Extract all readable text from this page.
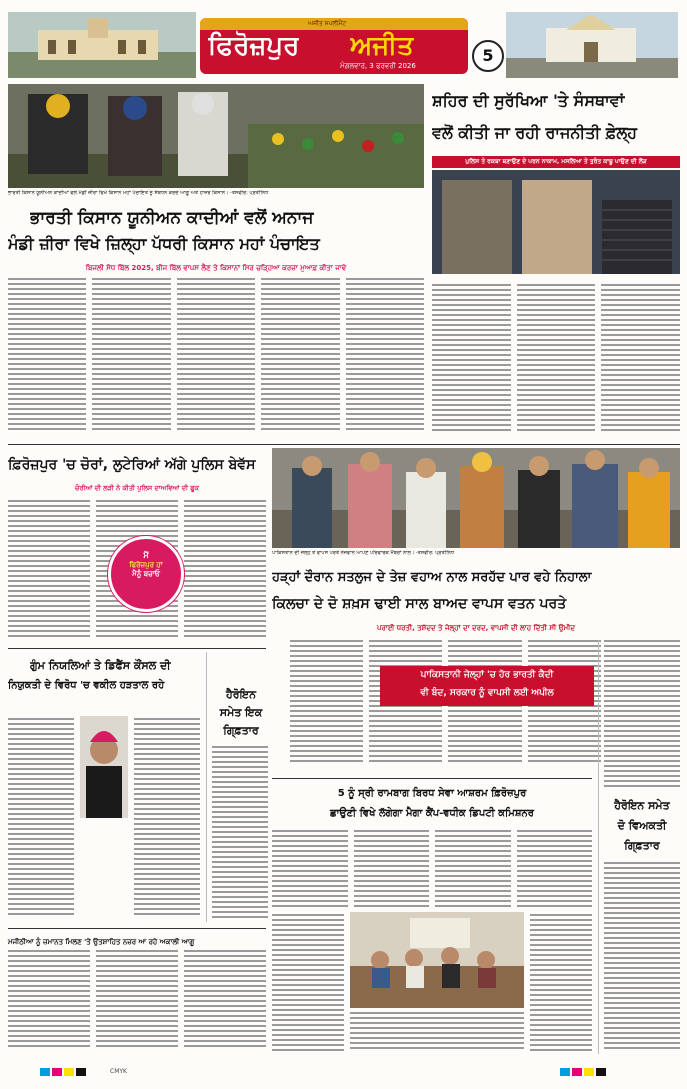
ਅਜੀਤ ਸਪਲੀਮੈਂਟ
ਫਿਰੋਜ਼ਪੁਰ ਅਜੀਤ
ਮੰਗਲਵਾਰ, 3 ਫਰਵਰੀ 2026
5
ਭਾਰਤੀ ਕਿਸਾਨ ਯੂਨੀਅਨ ਕਾਦੀਆਂ ਵਲੋਂ ਮੰਡੀ ਜ਼ੀਰਾ ਵਿਖੇ ਕਿਸਾਨ ਮਹਾਂ ਪੰਚਾਇਤ ਨੂੰ ਸੰਬੋਧਨ ਕਰਦੇ ਆਗੂ ਅਤੇ ਹਾਜ਼ਰ ਕਿਸਾਨ। -ਤਸਵੀਰ: ਪ੍ਰਤੀਨਿਧ
ਭਾਰਤੀ ਕਿਸਾਨ ਯੂਨੀਅਨ ਕਾਦੀਆਂ ਵਲੋਂ ਅਨਾਜ
ਮੰਡੀ ਜ਼ੀਰਾ ਵਿਖੇ ਜ਼ਿਲ੍ਹਾ ਪੱਧਰੀ ਕਿਸਾਨ ਮਹਾਂ ਪੰਚਾਇਤ
ਬਿਜਲੀ ਸੋਧ ਬਿੱਲ 2025, ਬੀਜ ਬਿੱਲ ਵਾਪਸ ਲੈਣ ਤੇ ਕਿਸਾਨਾਂ ਸਿਰ ਚੜ੍ਹਿਆ ਕਰਜ਼ਾ ਮੁਆਫ਼ ਕੀਤਾ ਜਾਵੇ
ਸ਼ਹਿਰ ਦੀ ਸੁਰੱਖਿਆ 'ਤੇ ਸੰਸਥਾਵਾਂ
ਵਲੋਂ ਕੀਤੀ ਜਾ ਰਹੀ ਰਾਜਨੀਤੀ ਫ਼ੇਲ੍ਹ
ਪੁਲਿਸ ਤੇ ਰਕਬਾ ਬਣਾਉਣ ਦੇ ਪਰਨ ਨਾਕਾਮ, ਮਸਲਿਆ ਤੇ ਤੁਰੰਤ ਕਾਬੂ ਪਾਉਣ ਦੀ ਲੋੜ
ਫ਼ਿਰੋਜ਼ਪੁਰ 'ਚ ਚੋਰਾਂ, ਲੁਟੇਰਿਆਂ ਅੱਗੇ ਪੁਲਿਸ ਬੇਵੱਸ
ਚੋਰੀਆਂ ਦੀ ਲੜੀ ਨੇ ਕੀਤੀ ਪੁਲਿਸ ਦਾਅਵਿਆਂ ਦੀ ਫੂਕ
ਮੈਂ
ਫਿਰੋਜ਼ਪੁਰ ਹਾਂ
ਮੈਨੂੰ ਬਚਾਓ
ਪਾਕਿਸਤਾਨ ਦੀ ਜੇਲ੍ਹ ਤੋਂ ਵਾਪਸ ਪਰਤੇ ਨੌਜਵਾਨ ਆਪਣੇ ਪਰਿਵਾਰਕ ਮੈਂਬਰਾਂ ਨਾਲ। -ਤਸਵੀਰ: ਪ੍ਰਤੀਨਿਧ
ਹੜ੍ਹਾਂ ਦੌਰਾਨ ਸਤਲੁਜ ਦੇ ਤੇਜ਼ ਵਹਾਅ ਨਾਲ ਸਰਹੱਦ ਪਾਰ ਵਹੇ ਨਿਹਾਲਾ
ਕਿਲਚਾ ਦੇ ਦੋ ਸ਼ਖ਼ਸ ਢਾਈ ਸਾਲ ਬਾਅਦ ਵਾਪਸ ਵਤਨ ਪਰਤੇ
ਪਰਾਈ ਧਰਤੀ, ਤਸ਼ੱਦਦ ਤੇ ਜੇਲ੍ਹਾਂ ਦਾ ਦਰਦ, ਵਾਪਸੀ ਦੀ ਲਾਹ ਦਿੱਤੀ ਸੀ ਉਮੀਦ
ਪਾਕਿਸਤਾਨੀ ਜੇਲ੍ਹਾਂ 'ਚ ਹੋਰ ਭਾਰਤੀ ਕੈਦੀ
ਵੀ ਬੰਦ, ਸਰਕਾਰ ਨੂੰ ਵਾਪਸੀ ਲਈ ਅਪੀਲ
ਗੁੰਮ ਨਿਯਲਿਆਂ ਤੇ ਡਿਫੈਂਸ ਕੌਂਸਲ ਦੀ
ਨਿਯੁਕਤੀ ਦੇ ਵਿਰੋਧ 'ਚ ਵਕੀਲ ਹੜਤਾਲ ਰਹੇ
ਹੈਰੋਇਨ
ਸਮੇਤ ਇਕ
ਗਿ੍ਫ਼ਤਾਰ
ਮਜੀਠੀਆ ਨੂੰ ਜ਼ਮਾਨਤ ਮਿਲਣ 'ਤੇ ਉਤਸ਼ਾਹਿਤ ਨਜ਼ਰ ਆ ਰਹੇ ਅਕਾਲੀ ਆਗੂ
5 ਨੂੰ ਸ੍ਰੀ ਰਾਮਬਾਗ ਬਿਰਧ ਸੇਵਾ ਆਸ਼ਰਮ ਫ਼ਿਰੋਜ਼ਪੁਰ
ਛਾਉਣੀ ਵਿਖੇ ਲੱਗੇਗਾ ਮੈਗਾ ਕੈਂਪ-ਵਧੀਕ ਡਿਪਟੀ ਕਮਿਸ਼ਨਰ
ਹੈਰੋਇਨ ਸਮੇਤ
ਦੋ ਵਿਅਕਤੀ
ਗਿ੍ਫ਼ਤਾਰ
CMYK
